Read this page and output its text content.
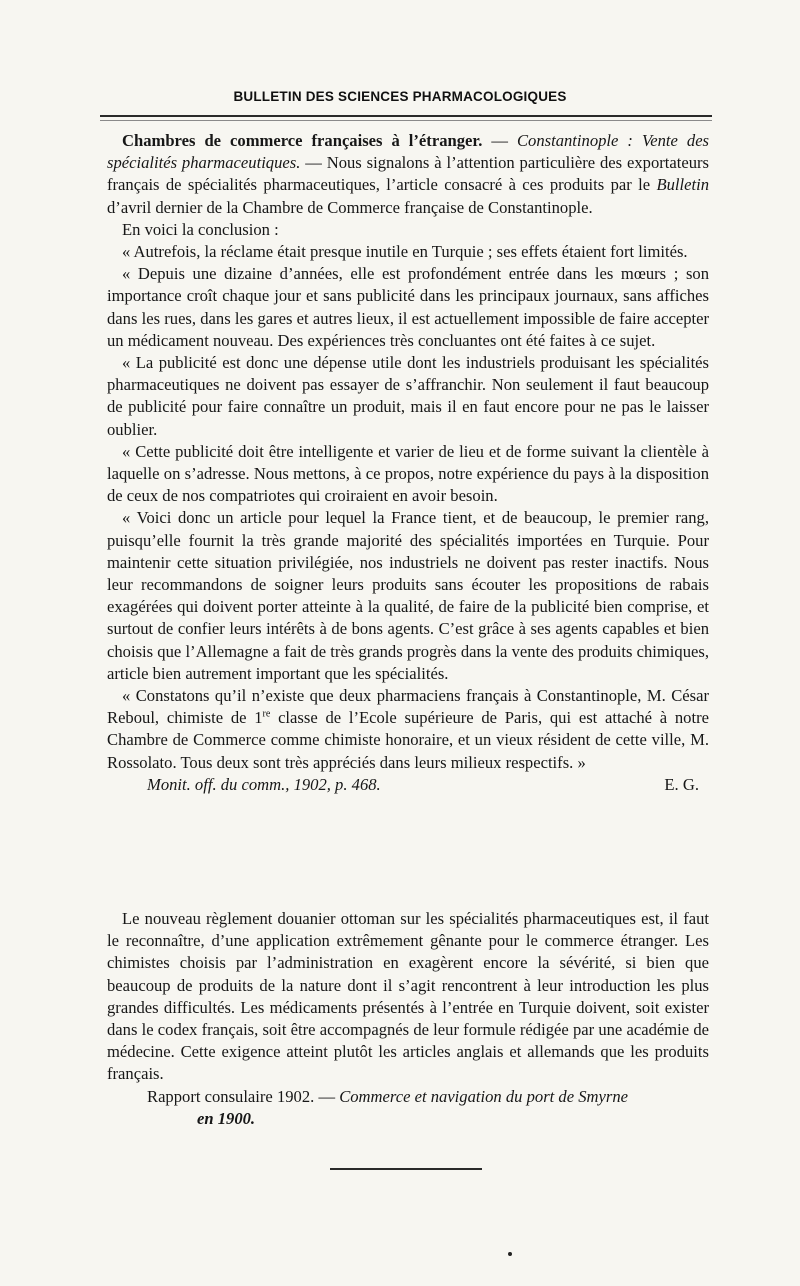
BULLETIN DES SCIENCES PHARMACOLOGIQUES

Chambres de commerce françaises à l’étranger. — Constantinople : Vente des spécialités pharmaceutiques. — Nous signalons à l’attention particulière des exportateurs français de spécialités pharmaceutiques, l’article consacré à ces produits par le Bulletin d’avril dernier de la Chambre de Commerce française de Constantinople.

En voici la conclusion :

« Autrefois, la réclame était presque inutile en Turquie ; ses effets étaient fort limités.

« Depuis une dizaine d’années, elle est profondément entrée dans les mœurs ; son importance croît chaque jour et sans publicité dans les principaux journaux, sans affiches dans les rues, dans les gares et autres lieux, il est actuellement impossible de faire accepter un médicament nouveau. Des expériences très concluantes ont été faites à ce sujet.

« La publicité est donc une dépense utile dont les industriels produisant les spécialités pharmaceutiques ne doivent pas essayer de s’affranchir. Non seulement il faut beaucoup de publicité pour faire connaître un produit, mais il en faut encore pour ne pas le laisser oublier.

« Cette publicité doit être intelligente et varier de lieu et de forme suivant la clientèle à laquelle on s’adresse. Nous mettons, à ce propos, notre expérience du pays à la disposition de ceux de nos compatriotes qui croiraient en avoir besoin.

« Voici donc un article pour lequel la France tient, et de beaucoup, le premier rang, puisqu’elle fournit la très grande majorité des spécialités importées en Turquie. Pour maintenir cette situation privilégiée, nos industriels ne doivent pas rester inactifs. Nous leur recommandons de soigner leurs produits sans écouter les propositions de rabais exagérées qui doivent porter atteinte à la qualité, de faire de la publicité bien comprise, et surtout de confier leurs intérêts à de bons agents. C’est grâce à ses agents capables et bien choisis que l’Allemagne a fait de très grands progrès dans la vente des produits chimiques, article bien autrement important que les spécialités.

« Constatons qu’il n’existe que deux pharmaciens français à Constantinople, M. César Reboul, chimiste de 1re classe de l’Ecole supérieure de Paris, qui est attaché à notre Chambre de Commerce comme chimiste honoraire, et un vieux résident de cette ville, M. Rossolato. Tous deux sont très appréciés dans leurs milieux respectifs. »

Monit. off. du comm., 1902, p. 468.	E. G.

Le nouveau règlement douanier ottoman sur les spécialités pharmaceutiques est, il faut le reconnaître, d’une application extrêmement gênante pour le commerce étranger. Les chimistes choisis par l’administration en exagèrent encore la sévérité, si bien que beaucoup de produits de la nature dont il s’agit rencontrent à leur introduction les plus grandes difficultés. Les médicaments présentés à l’entrée en Turquie doivent, soit exister dans le codex français, soit être accompagnés de leur formule rédigée par une académie de médecine. Cette exigence atteint plutôt les articles anglais et allemands que les produits français.

Rapport consulaire 1902. — Commerce et navigation du port de Smyrne
en 1900.
